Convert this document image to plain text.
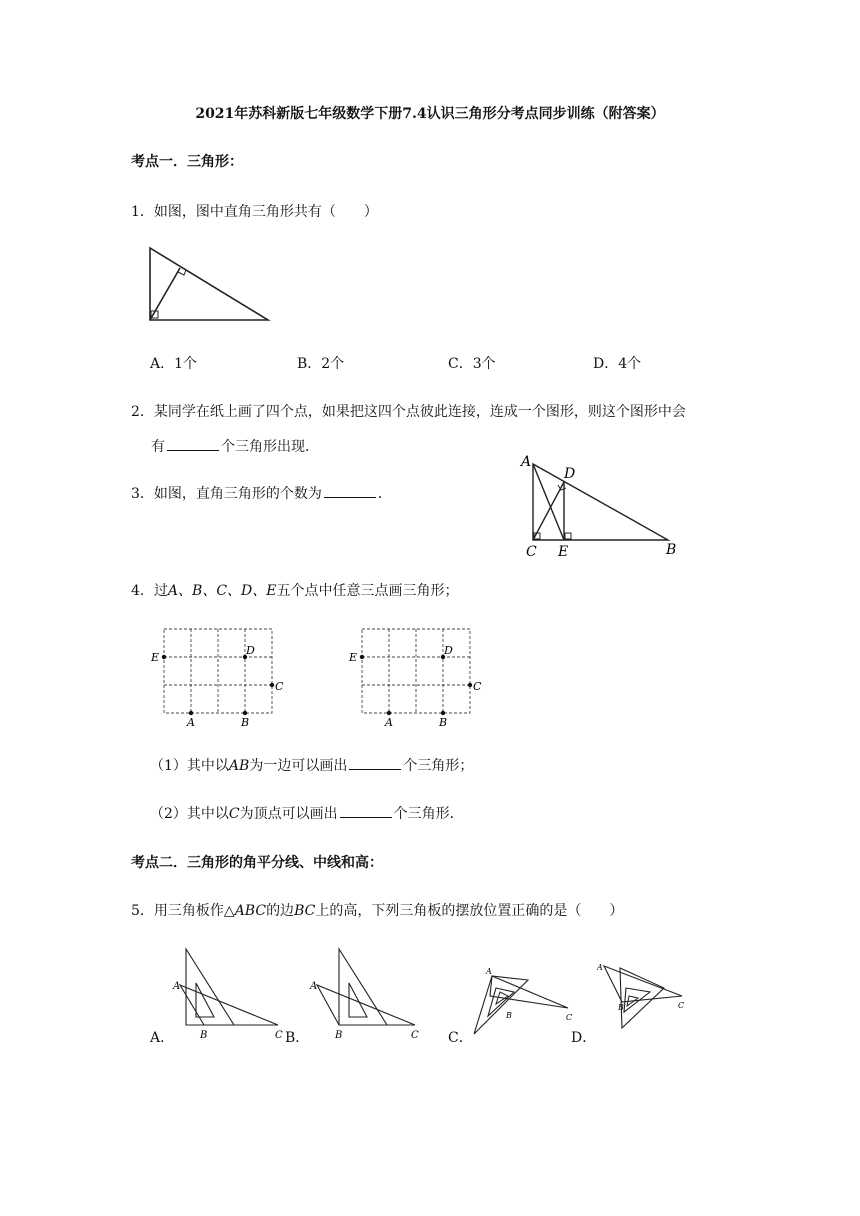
2021年苏科新版七年级数学下册7.4认识三角形分考点同步训练（附答案）
考点一．三角形：
1．如图，图中直角三角形共有（　　）
A．1个	B．2个	C．3个	D．4个
2．某同学在纸上画了四个点，如果把这四个点彼此连接，连成一个图形，则这个图形中会
有	个三角形出现．
3．如图，直角三角形的个数为	．
A
D
C E	B
4．过A、B、C、D、E五个点中任意三点画三角形；
E
D
C
A	B
E
D
C
A	B
（1）其中以AB为一边可以画出	个三角形；
（2）其中以C为顶点可以画出	个三角形．
考点二．三角形的角平分线、中线和高：
5．用三角板作△ABC的边BC上的高，下列三角板的摆放位置正确的是（　　）
A
B	C
A．
A
B	C
B．
A
B	C
C．
A
B	C
D．
